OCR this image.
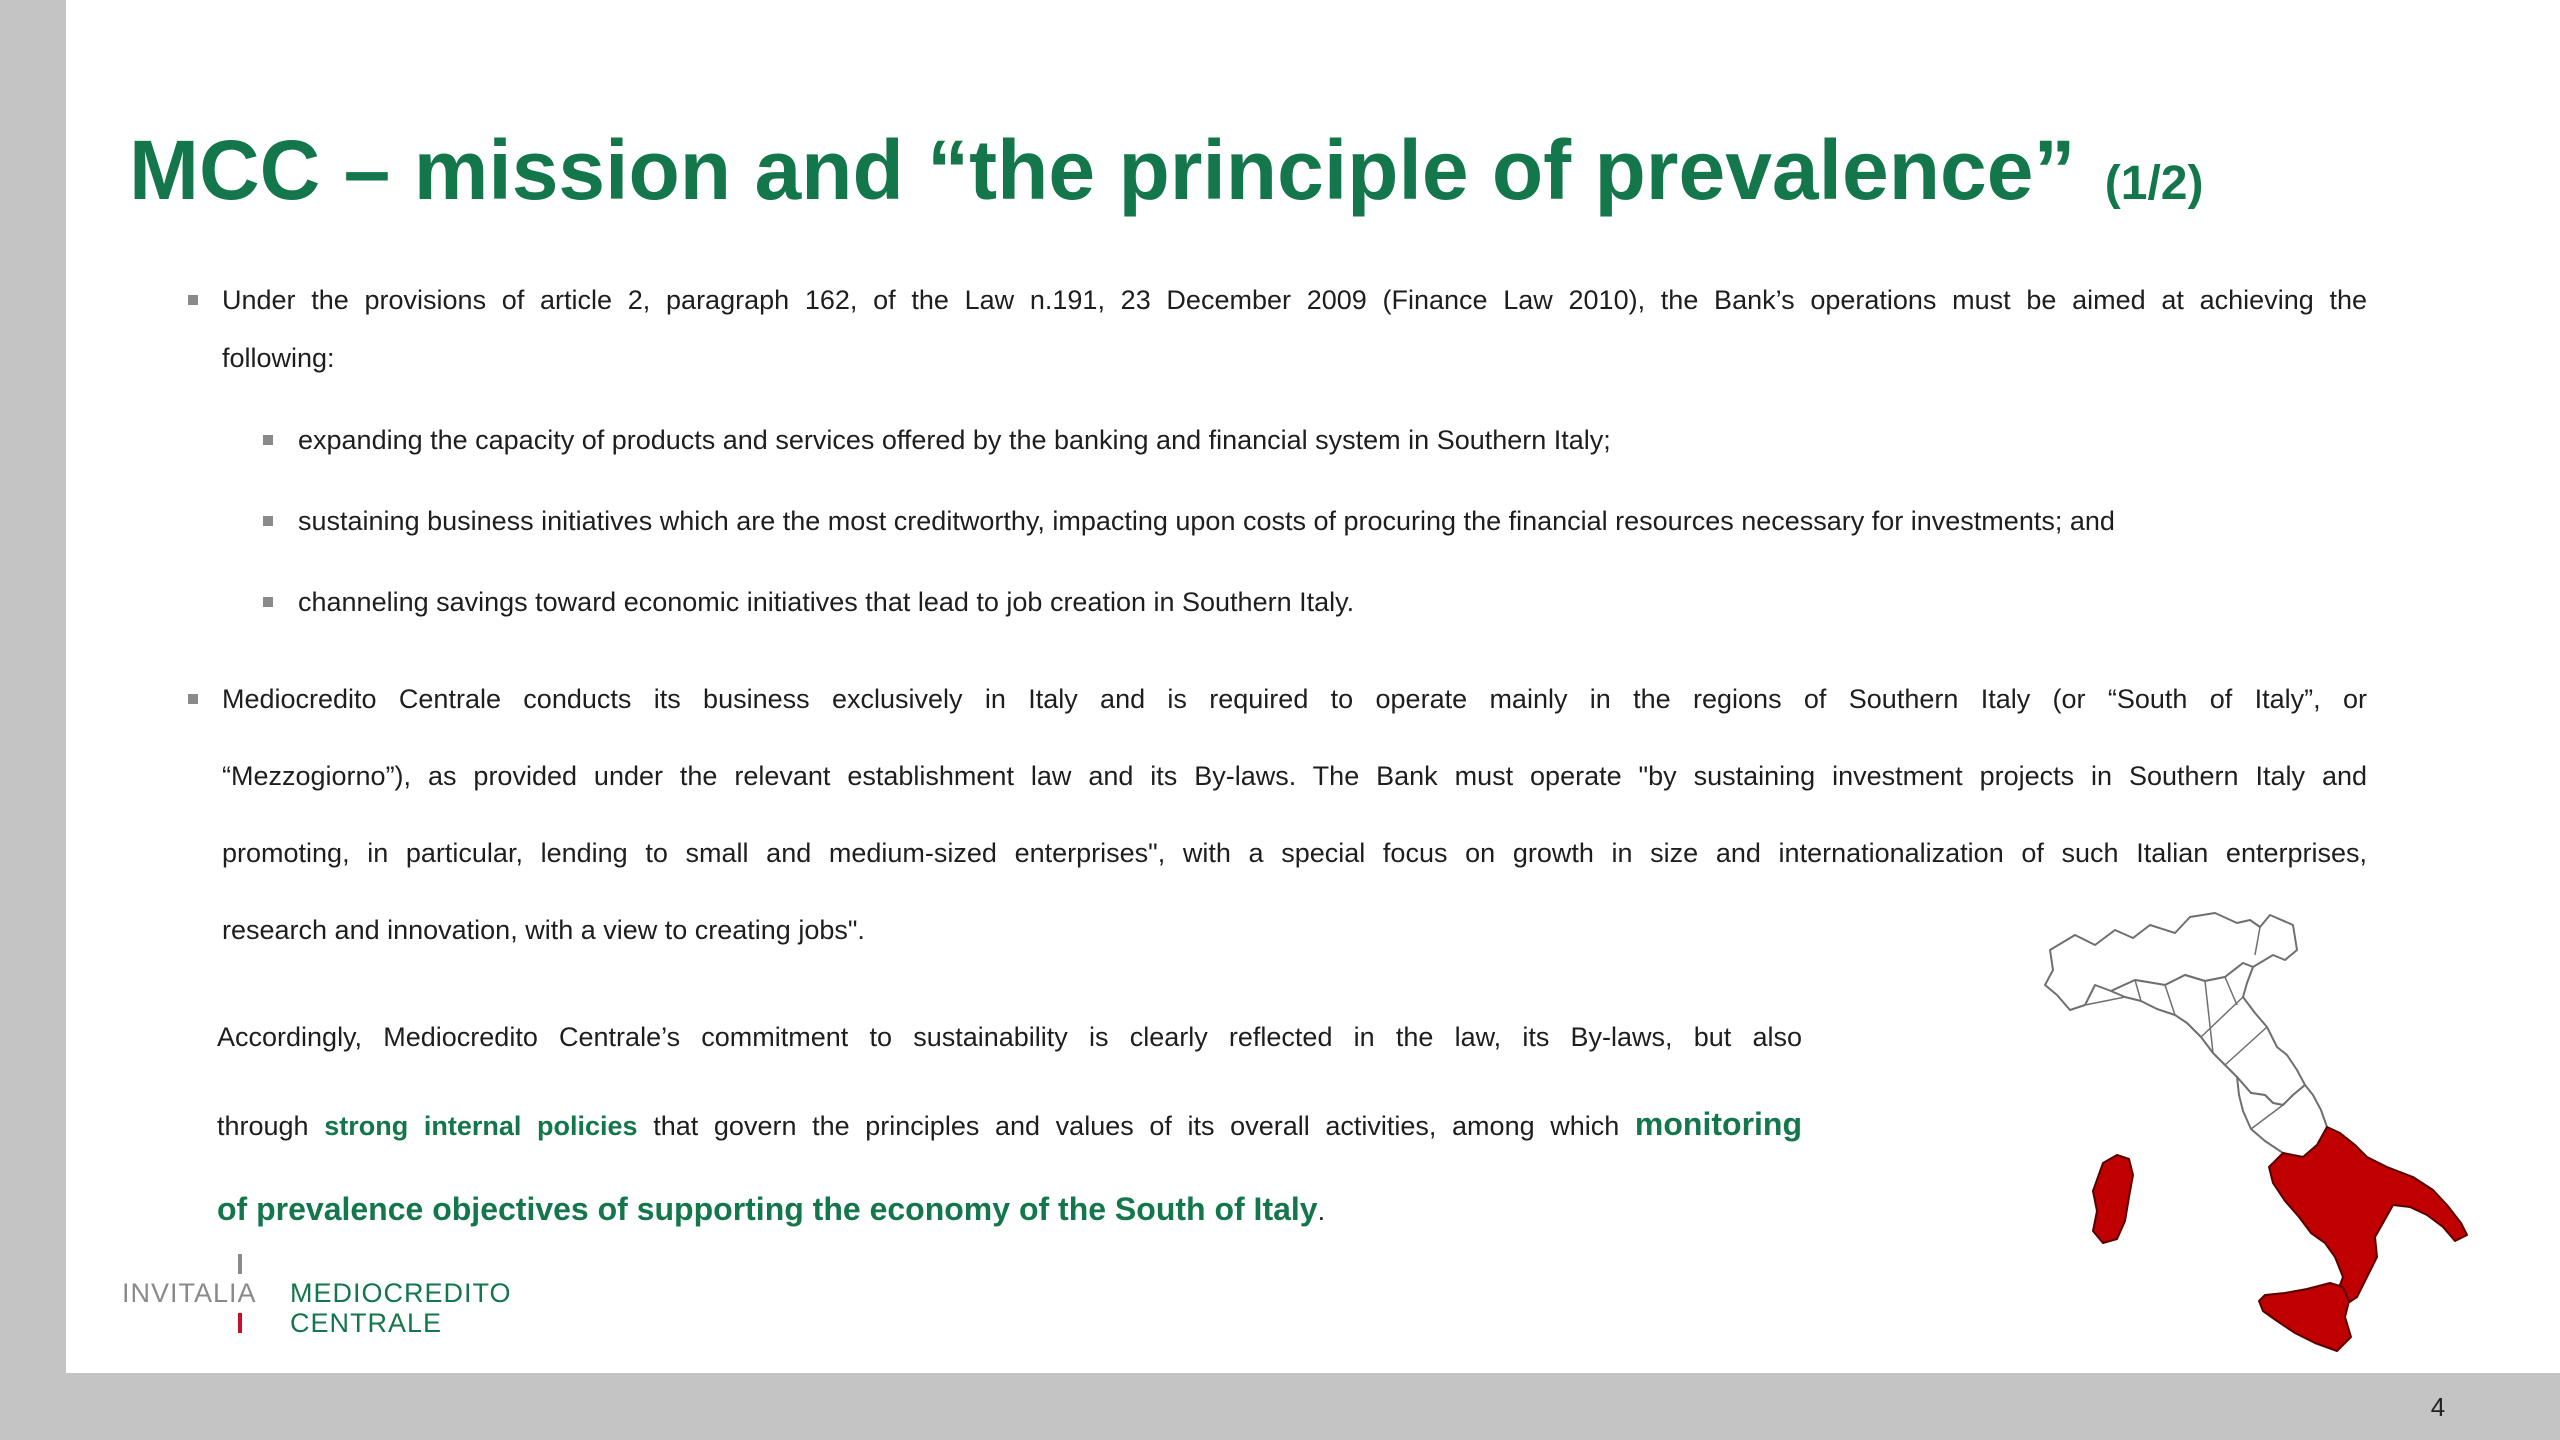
MCC – mission and “the principle of prevalence” (1/2)
Under the provisions of article 2, paragraph 162, of the Law n.191, 23 December 2009 (Finance Law 2010), the Bank’s operations must be aimed at achieving the
following:
expanding the capacity of products and services offered by the banking and financial system in Southern Italy;
sustaining business initiatives which are the most creditworthy, impacting upon costs of procuring the financial resources necessary for investments; and
channeling savings toward economic initiatives that lead to job creation in Southern Italy.
Mediocredito Centrale conducts its business exclusively in Italy and is required to operate mainly in the regions of Southern Italy (or “South of Italy”, or
“Mezzogiorno”), as provided under the relevant establishment law and its By-laws. The Bank must operate "by sustaining investment projects in Southern Italy and
promoting, in particular, lending to small and medium-sized enterprises", with a special focus on growth in size and internationalization of such Italian enterprises,
research and innovation, with a view to creating jobs".
Accordingly, Mediocredito Centrale’s commitment to sustainability is clearly reflected in the law, its By-laws, but also
through strong internal policies that govern the principles and values of its overall activities, among which monitoring
of prevalence objectives of supporting the economy of the South of Italy.
INVITALIA MEDIOCREDITO
CENTRALE
4
